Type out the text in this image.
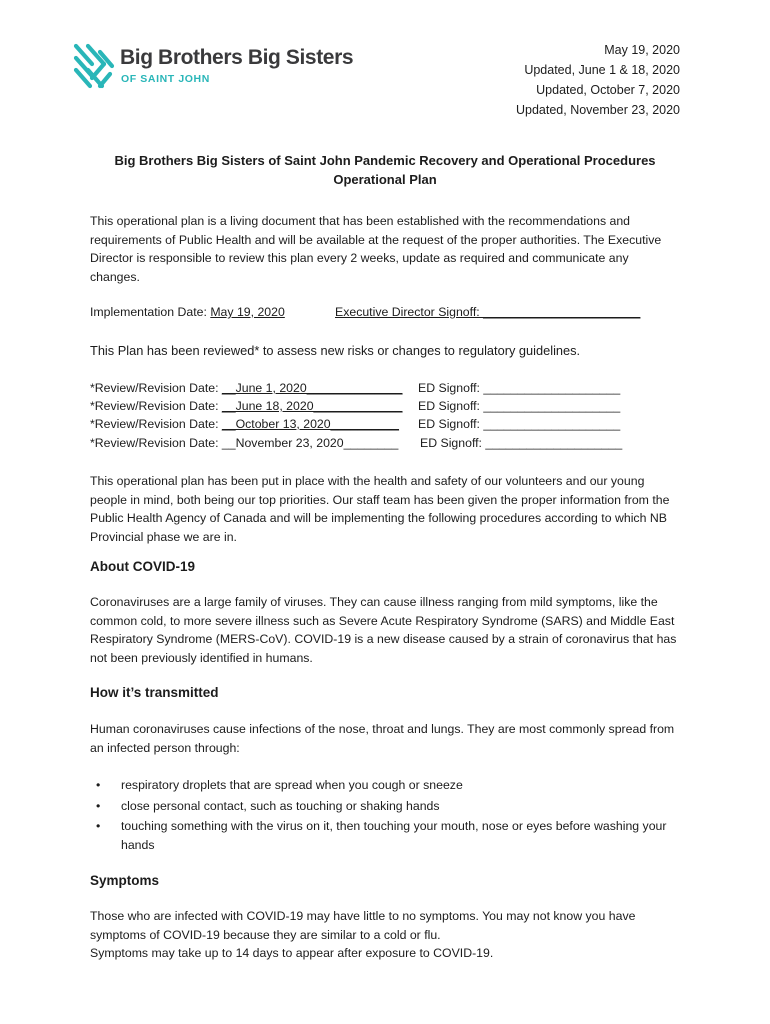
Big Brothers Big Sisters
OF SAINT JOHN
May 19, 2020
Updated, June 1 & 18, 2020
Updated, October 7, 2020
Updated, November 23, 2020
Big Brothers Big Sisters of Saint John Pandemic Recovery and Operational Procedures
Operational Plan
This operational plan is a living document that has been established with the recommendations and requirements of Public Health and will be available at the request of the proper authorities. The Executive Director is responsible to review this plan every 2 weeks, update as required and communicate any changes.
Implementation Date: May 19, 2020	Executive Director Signoff: _______________________
This Plan has been reviewed* to assess new risks or changes to regulatory guidelines.
*Review/Revision Date: __June 1, 2020______________ ED Signoff: ____________________
*Review/Revision Date: __June 18, 2020_____________ ED Signoff: ____________________
*Review/Revision Date: __October 13, 2020__________ ED Signoff: ____________________
*Review/Revision Date: __November 23, 2020________ ED Signoff: ____________________
This operational plan has been put in place with the health and safety of our volunteers and our young people in mind, both being our top priorities. Our staff team has been given the proper information from the Public Health Agency of Canada and will be implementing the following procedures according to which NB Provincial phase we are in.
About COVID-19
Coronaviruses are a large family of viruses. They can cause illness ranging from mild symptoms, like the common cold, to more severe illness such as Severe Acute Respiratory Syndrome (SARS) and Middle East Respiratory Syndrome (MERS-CoV). COVID-19 is a new disease caused by a strain of coronavirus that has not been previously identified in humans.
How it’s transmitted
Human coronaviruses cause infections of the nose, throat and lungs. They are most commonly spread from an infected person through:
• respiratory droplets that are spread when you cough or sneeze
• close personal contact, such as touching or shaking hands
• touching something with the virus on it, then touching your mouth, nose or eyes before washing your hands
Symptoms
Those who are infected with COVID-19 may have little to no symptoms. You may not know you have symptoms of COVID-19 because they are similar to a cold or flu.
Symptoms may take up to 14 days to appear after exposure to COVID-19.
